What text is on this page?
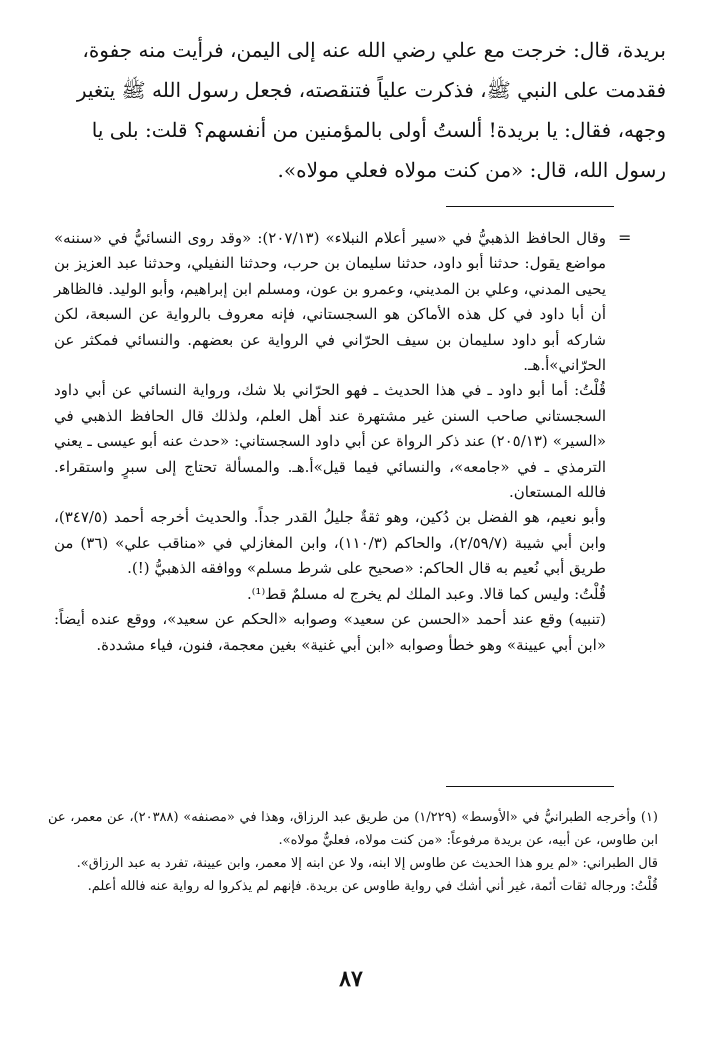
بريدة، قال: خرجت مع علي رضي الله عنه إلى اليمن، فرأيت منه جفوة،

فقدمت على النبي ﷺ، فذكرت علياً فتنقصته، فجعل رسول الله ﷺ يتغير

وجهه، فقال: يا بريدة! ألستُ أولى بالمؤمنين من أنفسهم؟ قلت: بلى يا

رسول الله، قال: «من كنت مولاه فعلي مولاه».

=

وقال الحافظ الذهبيُّ في «سير أعلام النبلاء» (٢٠٧/١٣): «وقد روى النسائيُّ في «سننه» مواضع يقول: حدثنا أبو داود، حدثنا سليمان بن حرب، وحدثنا النفيلي، وحدثنا عبد العزيز بن يحيى المدني، وعلي بن المديني، وعمرو بن عون، ومسلم ابن إبراهيم، وأبو الوليد. فالظاهر أن أبا داود في كل هذه الأماكن هو السجستاني، فإنه معروف بالرواية عن السبعة، لكن شاركه أبو داود سليمان بن سيف الحرّاني في الرواية عن بعضهم. والنسائي فمكثر عن الحرّاني»أ.هـ.

قُلْتُ: أما أبو داود ـ في هذا الحديث ـ فهو الحرّاني بلا شك، ورواية النسائي عن أبي داود السجستاني صاحب السنن غير مشتهرة عند أهل العلم، ولذلك قال الحافظ الذهبي في «السير» (٢٠٥/١٣) عند ذكر الرواة عن أبي داود السجستاني: «حدث عنه أبو عيسى ـ يعني الترمذي ـ في «جامعه»، والنسائي فيما قيل»أ.هـ. والمسألة تحتاج إلى سبرٍ واستقراء. فالله المستعان.

وأبو نعيم، هو الفضل بن دُكين، وهو ثقةٌ جليلُ القدر جداً. والحديث أخرجه أحمد (٣٤٧/٥)، وابن أبي شيبة (٢/٥٩/٧)، والحاكم (١١٠/٣)، وابن المغازلي في «مناقب علي» (٣٦) من طريق أبي نُعيم به قال الحاكم: «صحيح على شرط مسلم» ووافقه الذهبيُّ (!).

قُلْتُ: وليس كما قالا. وعبد الملك لم يخرج له مسلمٌ قط⁽¹⁾.

(تنبيه) وقع عند أحمد «الحسن عن سعيد» وصوابه «الحكم عن سعيد»، ووقع عنده أيضاً: «ابن أبي عيينة» وهو خطأ وصوابه «ابن أبي غنية» بغين معجمة، فنون، فياء مشددة.

(١) وأخرجه الطبرانيُّ في «الأوسط» (١/٢٢٩) من طريق عبد الرزاق، وهذا في «مصنفه» (٢٠٣٨٨)، عن معمر، عن ابن طاوس، عن أبيه، عن بريدة مرفوعاً: «من كنت مولاه، فعليٌّ مولاه».

قال الطبراني: «لم يرو هذا الحديث عن طاوس إلا ابنه، ولا عن ابنه إلا معمر، وابن عيينة، تفرد به عبد الرزاق».

قُلْتُ: ورجاله ثقات أئمة، غير أني أشك في رواية طاوس عن بريدة. فإنهم لم يذكروا له رواية عنه فالله أعلم.

٨٧
